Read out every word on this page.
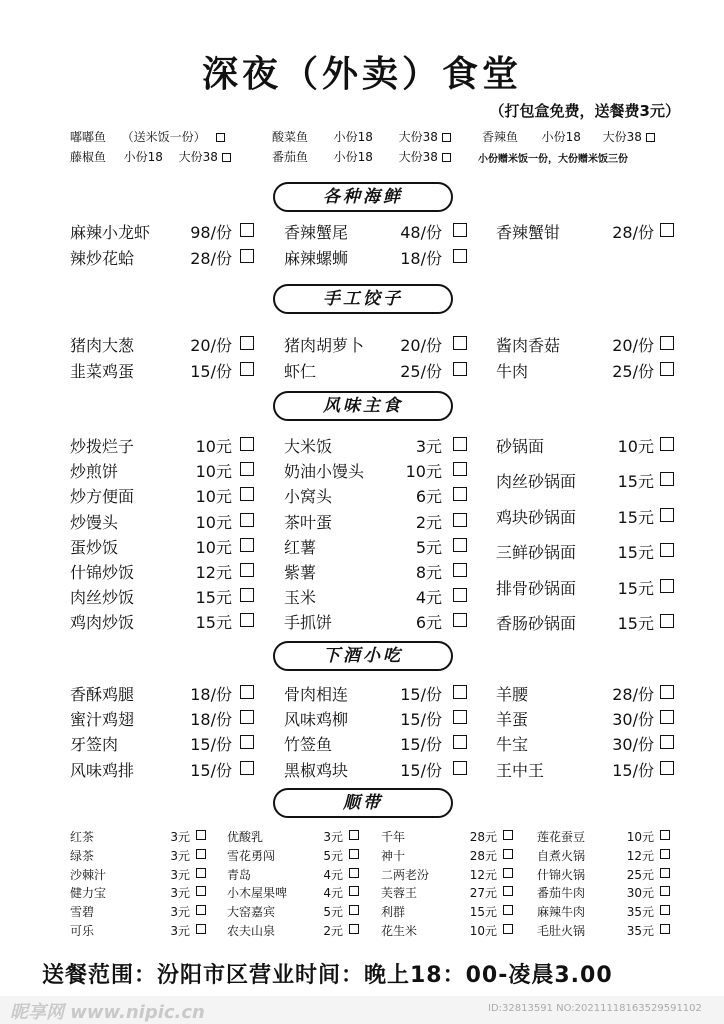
深夜（外卖）食堂
（打包盒免费，送餐费3元）
嘟嘟鱼 （送米饭一份）	酸菜鱼 小份18 大份38	香辣鱼 小份18 大份38
藤椒鱼 小份18 大份38	番茄鱼 小份18 大份38	小份赠米饭一份，大份赠米饭三份
各种海鲜
麻辣小龙虾	98/份
辣炒花蛤	28/份
香辣蟹尾	48/份
麻辣螺蛳	18/份
香辣蟹钳	28/份
手工饺子
猪肉大葱	20/份
韭菜鸡蛋	15/份
猪肉胡萝卜 20/份
虾仁	25/份
酱肉香菇	20/份
牛肉	25/份
风味主食
炒拨烂子	10元
炒煎饼	10元
炒方便面	10元
炒馒头	10元
蛋炒饭	10元
什锦炒饭	12元
肉丝炒饭	15元
鸡肉炒饭	15元
大米饭	3元
奶油小馒头	10元
小窝头	6元
茶叶蛋	2元
红薯	5元
紫薯	8元
玉米	4元
手抓饼	6元
砂锅面	10元
肉丝砂锅面	15元
鸡块砂锅面	15元
三鲜砂锅面	15元
排骨砂锅面	15元
香肠砂锅面	15元
下酒小吃
香酥鸡腿	18/份
蜜汁鸡翅	18/份
牙签肉	15/份
风味鸡排	15/份
骨肉相连	15/份
风味鸡柳	15/份
竹签鱼	15/份
黑椒鸡块	15/份
羊腰	28/份
羊蛋	30/份
牛宝	30/份
王中王	15/份
顺带
红茶	3元
绿茶	3元
沙棘汁	3元
健力宝	3元
雪碧	3元
可乐	3元
优酸乳	3元
雪花勇闯	5元
青岛	4元
小木屋果啤	4元
大窑嘉宾	5元
农夫山泉	2元
千年	28元
神十	28元
二两老汾	12元
芙蓉王	27元
利群	15元
花生米	10元
莲花蚕豆	10元
自煮火锅	12元
什锦火锅	25元
番茄牛肉	30元
麻辣牛肉	35元
毛肚火锅	35元
送餐范围：汾阳市区营业时间：晚上18：00-凌晨3.00
昵享网 www.nipic.cn	ID:32813591 NO:20211118163529591102
